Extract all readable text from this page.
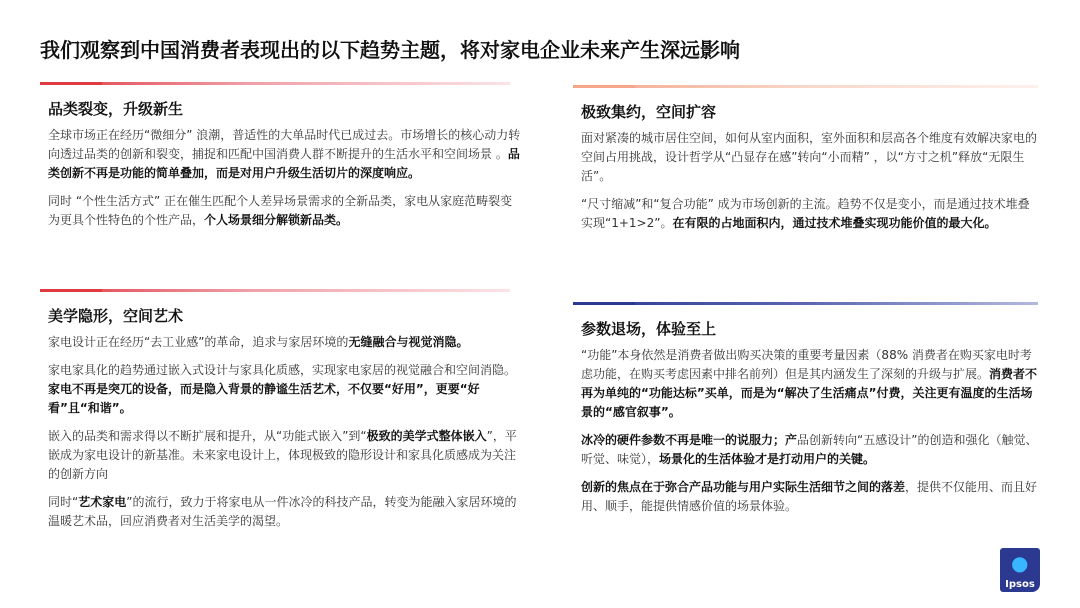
我们观察到中国消费者表现出的以下趋势主题，将对家电企业未来产生深远影响
品类裂变，升级新生

全球市场正在经历“微细分” 浪潮，普适性的大单品时代已成过去。市场增长的核心动力转向透过品类的创新和裂变，捕捉和匹配中国消费人群不断提升的生活水平和空间场景 。品类创新不再是功能的简单叠加，而是对用户升级生活切片的深度响应。

同时 “个性生活方式” 正在催生匹配个人差异场景需求的全新品类，家电从家庭范畴裂变为更具个性特色的个性产品，个人场景细分解锁新品类。

极致集约，空间扩容

面对紧凑的城市居住空间，如何从室内面积，室外面积和层高各个维度有效解决家电的空间占用挑战，设计哲学从“凸显存在感”转向“小而精” ，以“方寸之机”释放“无限生活”。

“尺寸缩减”和“复合功能” 成为市场创新的主流。趋势不仅是变小，而是通过技术堆叠实现“1+1>2”。在有限的占地面积内，通过技术堆叠实现功能价值的最大化。

美学隐形，空间艺术

家电设计正在经历“去工业感”的革命，追求与家居环境的无缝融合与视觉消隐。

家电家具化的趋势通过嵌入式设计与家具化质感，实现家电家居的视觉融合和空间消隐。家电不再是突兀的设备，而是隐入背景的静谧生活艺术，不仅要“好用”，更要“好看”且“和谐”。

嵌入的品类和需求得以不断扩展和提升，从“功能式嵌入”到“极致的美学式整体嵌入”，平嵌成为家电设计的新基准。未来家电设计上，体现极致的隐形设计和家具化质感成为关注的创新方向

同时“艺术家电”的流行，致力于将家电从一件冰冷的科技产品，转变为能融入家居环境的温暖艺术品，回应消费者对生活美学的渴望。

参数退场，体验至上

“功能”本身依然是消费者做出购买决策的重要考量因素（88% 消费者在购买家电时考虑功能，在购买考虑因素中排名前列）但是其内涵发生了深刻的升级与扩展。消费者不再为单纯的“功能达标”买单，而是为“解决了生活痛点”付费，关注更有温度的生活场景的“感官叙事”。

冰冷的硬件参数不再是唯一的说服力；产品创新转向“五感设计”的创造和强化（触觉、听觉、味觉），场景化的生活体验才是打动用户的关键。

创新的焦点在于弥合产品功能与用户实际生活细节之间的落差，提供不仅能用、而且好用、顺手，能提供情感价值的场景体验。

●
Ipsos
